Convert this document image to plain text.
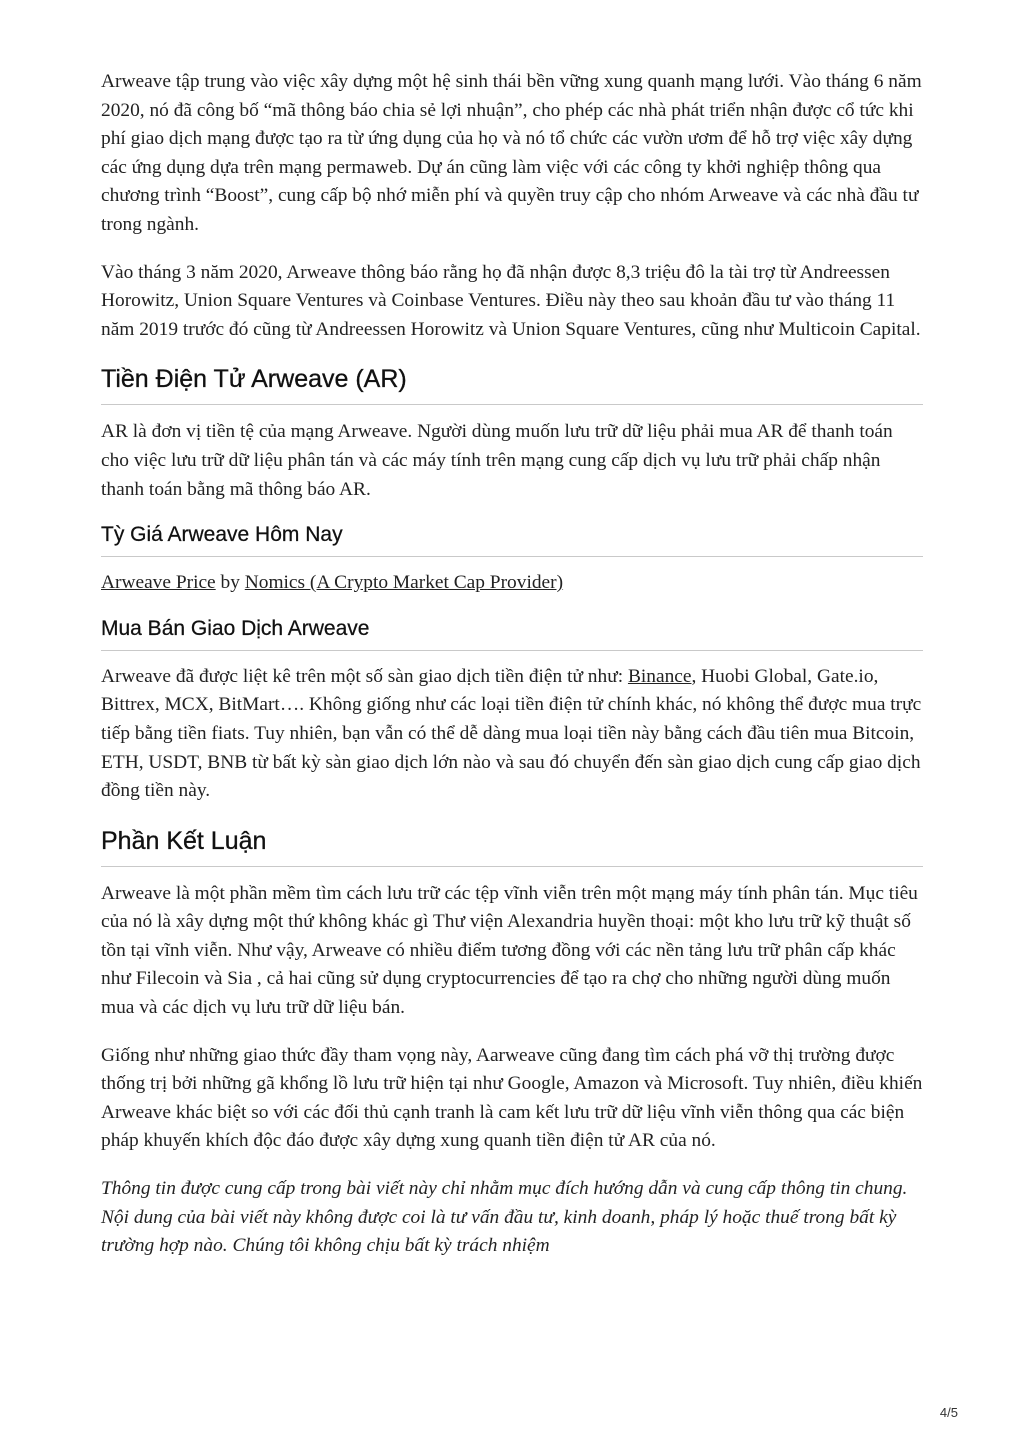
Arweave tập trung vào việc xây dựng một hệ sinh thái bền vững xung quanh mạng lưới. Vào tháng 6 năm 2020, nó đã công bố “mã thông báo chia sẻ lợi nhuận”, cho phép các nhà phát triển nhận được cổ tức khi phí giao dịch mạng được tạo ra từ ứng dụng của họ và nó tổ chức các vườn ươm để hỗ trợ việc xây dựng các ứng dụng dựa trên mạng permaweb. Dự án cũng làm việc với các công ty khởi nghiệp thông qua chương trình “Boost”, cung cấp bộ nhớ miễn phí và quyền truy cập cho nhóm Arweave và các nhà đầu tư trong ngành.

Vào tháng 3 năm 2020, Arweave thông báo rằng họ đã nhận được 8,3 triệu đô la tài trợ từ Andreessen Horowitz, Union Square Ventures và Coinbase Ventures. Điều này theo sau khoản đầu tư vào tháng 11 năm 2019 trước đó cũng từ Andreessen Horowitz và Union Square Ventures, cũng như Multicoin Capital.

Tiền Điện Tử Arweave (AR)

AR là đơn vị tiền tệ của mạng Arweave. Người dùng muốn lưu trữ dữ liệu phải mua AR để thanh toán cho việc lưu trữ dữ liệu phân tán và các máy tính trên mạng cung cấp dịch vụ lưu trữ phải chấp nhận thanh toán bằng mã thông báo AR.

Tỳ Giá Arweave Hôm Nay

Arweave Price by Nomics (A Crypto Market Cap Provider)

Mua Bán Giao Dịch Arweave

Arweave đã được liệt kê trên một số sàn giao dịch tiền điện tử như: Binance, Huobi Global, Gate.io, Bittrex, MCX, BitMart…. Không giống như các loại tiền điện tử chính khác, nó không thể được mua trực tiếp bằng tiền fiats. Tuy nhiên, bạn vẫn có thể dễ dàng mua loại tiền này bằng cách đầu tiên mua Bitcoin, ETH, USDT, BNB từ bất kỳ sàn giao dịch lớn nào và sau đó chuyển đến sàn giao dịch cung cấp giao dịch đồng tiền này.

Phần Kết Luận

Arweave là một phần mềm tìm cách lưu trữ các tệp vĩnh viễn trên một mạng máy tính phân tán. Mục tiêu của nó là xây dựng một thứ không khác gì Thư viện Alexandria huyền thoại: một kho lưu trữ kỹ thuật số tồn tại vĩnh viễn. Như vậy, Arweave có nhiều điểm tương đồng với các nền tảng lưu trữ phân cấp khác như Filecoin và Sia , cả hai cũng sử dụng cryptocurrencies để tạo ra chợ cho những người dùng muốn mua và các dịch vụ lưu trữ dữ liệu bán.

Giống như những giao thức đầy tham vọng này, Aarweave cũng đang tìm cách phá vỡ thị trường được thống trị bởi những gã khổng lồ lưu trữ hiện tại như Google, Amazon và Microsoft. Tuy nhiên, điều khiến Arweave khác biệt so với các đối thủ cạnh tranh là cam kết lưu trữ dữ liệu vĩnh viễn thông qua các biện pháp khuyến khích độc đáo được xây dựng xung quanh tiền điện tử AR của nó.

Thông tin được cung cấp trong bài viết này chỉ nhằm mục đích hướng dẫn và cung cấp thông tin chung. Nội dung của bài viết này không được coi là tư vấn đầu tư, kinh doanh, pháp lý hoặc thuế trong bất kỳ trường hợp nào. Chúng tôi không chịu bất kỳ trách nhiệm

4/5
